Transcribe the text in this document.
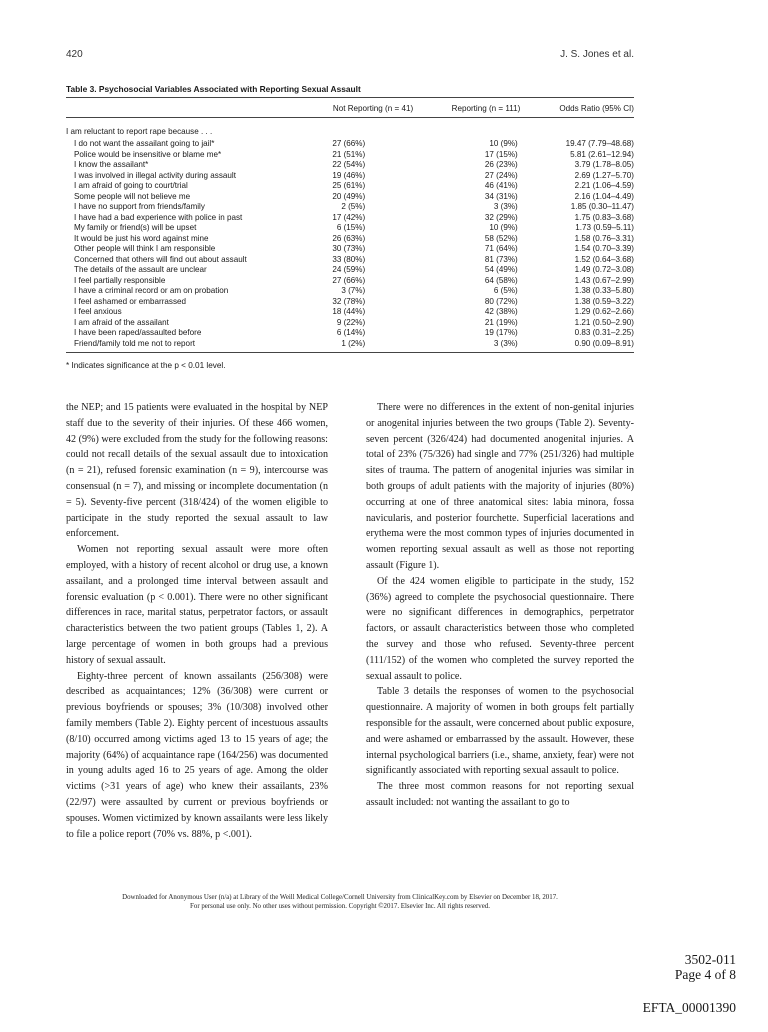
420	J. S. Jones et al.
Table 3. Psychosocial Variables Associated with Reporting Sexual Assault
Not Reporting (n = 41)	Reporting (n = 111)	Odds Ratio (95% CI)
I am reluctant to report rape because . . .
I do not want the assailant going to jail*	27 (66%)	10 (9%)	19.47 (7.79–48.68)
Police would be insensitive or blame me*	21 (51%)	17 (15%)	5.81 (2.61–12.94)
I know the assailant*	22 (54%)	26 (23%)	3.79 (1.78–8.05)
I was involved in illegal activity during assault	19 (46%)	27 (24%)	2.69 (1.27–5.70)
I am afraid of going to court/trial	25 (61%)	46 (41%)	2.21 (1.06–4.59)
Some people will not believe me	20 (49%)	34 (31%)	2.16 (1.04–4.49)
I have no support from friends/family	2 (5%)	3 (3%)	1.85 (0.30–11.47)
I have had a bad experience with police in past	17 (42%)	32 (29%)	1.75 (0.83–3.68)
My family or friend(s) will be upset	6 (15%)	10 (9%)	1.73 (0.59–5.11)
It would be just his word against mine	26 (63%)	58 (52%)	1.58 (0.76–3.31)
Other people will think I am responsible	30 (73%)	71 (64%)	1.54 (0.70–3.39)
Concerned that others will find out about assault	33 (80%)	81 (73%)	1.52 (0.64–3.68)
The details of the assault are unclear	24 (59%)	54 (49%)	1.49 (0.72–3.08)
I feel partially responsible	27 (66%)	64 (58%)	1.43 (0.67–2.99)
I have a criminal record or am on probation	3 (7%)	6 (5%)	1.38 (0.33–5.80)
I feel ashamed or embarrassed	32 (78%)	80 (72%)	1.38 (0.59–3.22)
I feel anxious	18 (44%)	42 (38%)	1.29 (0.62–2.66)
I am afraid of the assailant	9 (22%)	21 (19%)	1.21 (0.50–2.90)
I have been raped/assaulted before	6 (14%)	19 (17%)	0.83 (0.31–2.25)
Friend/family told me not to report	1 (2%)	3 (3%)	0.90 (0.09–8.91)
* Indicates significance at the p < 0.01 level.

the NEP; and 15 patients were evaluated in the hospital by NEP staff due to the severity of their injuries. Of these 466 women, 42 (9%) were excluded from the study for the following reasons: could not recall details of the sexual assault due to intoxication (n = 21), refused forensic examination (n = 9), intercourse was consensual (n = 7), and missing or incomplete documentation (n = 5). Seventy-five percent (318/424) of the women eligible to participate in the study reported the sexual assault to law enforcement.

Women not reporting sexual assault were more often employed, with a history of recent alcohol or drug use, a known assailant, and a prolonged time interval between assault and forensic evaluation (p < 0.001). There were no other significant differences in race, marital status, perpetrator factors, or assault characteristics between the two patient groups (Tables 1, 2). A large percentage of women in both groups had a previous history of sexual assault.

Eighty-three percent of known assailants (256/308) were described as acquaintances; 12% (36/308) were current or previous boyfriends or spouses; 3% (10/308) involved other family members (Table 2). Eighty percent of incestuous assaults (8/10) occurred among victims aged 13 to 15 years of age; the majority (64%) of acquaintance rape (164/256) was documented in young adults aged 16 to 25 years of age. Among the older victims (>31 years of age) who knew their assailants, 23% (22/97) were assaulted by current or previous boyfriends or spouses. Women victimized by known assailants were less likely to file a police report (70% vs. 88%, p <.001).

There were no differences in the extent of non-genital injuries or anogenital injuries between the two groups (Table 2). Seventy-seven percent (326/424) had documented anogenital injuries. A total of 23% (75/326) had single and 77% (251/326) had multiple sites of trauma. The pattern of anogenital injuries was similar in both groups of adult patients with the majority of injuries (80%) occurring at one of three anatomical sites: labia minora, fossa navicularis, and posterior fourchette. Superficial lacerations and erythema were the most common types of injuries documented in women reporting sexual assault as well as those not reporting assault (Figure 1).

Of the 424 women eligible to participate in the study, 152 (36%) agreed to complete the psychosocial questionnaire. There were no significant differences in demographics, perpetrator factors, or assault characteristics between those who completed the survey and those who refused. Seventy-three percent (111/152) of the women who completed the survey reported the sexual assault to police.

Table 3 details the responses of women to the psychosocial questionnaire. A majority of women in both groups felt partially responsible for the assault, were concerned about public exposure, and were ashamed or embarrassed by the assault. However, these internal psychological barriers (i.e., shame, anxiety, fear) were not significantly associated with reporting sexual assault to police.

The three most common reasons for not reporting sexual assault included: not wanting the assailant to go to

Downloaded for Anonymous User (n/a) at Library of the Weill Medical College/Cornell University from ClinicalKey.com by Elsevier on December 18, 2017.
For personal use only. No other uses without permission. Copyright ©2017. Elsevier Inc. All rights reserved.
3502-011
Page 4 of 8
EFTA_00001390
